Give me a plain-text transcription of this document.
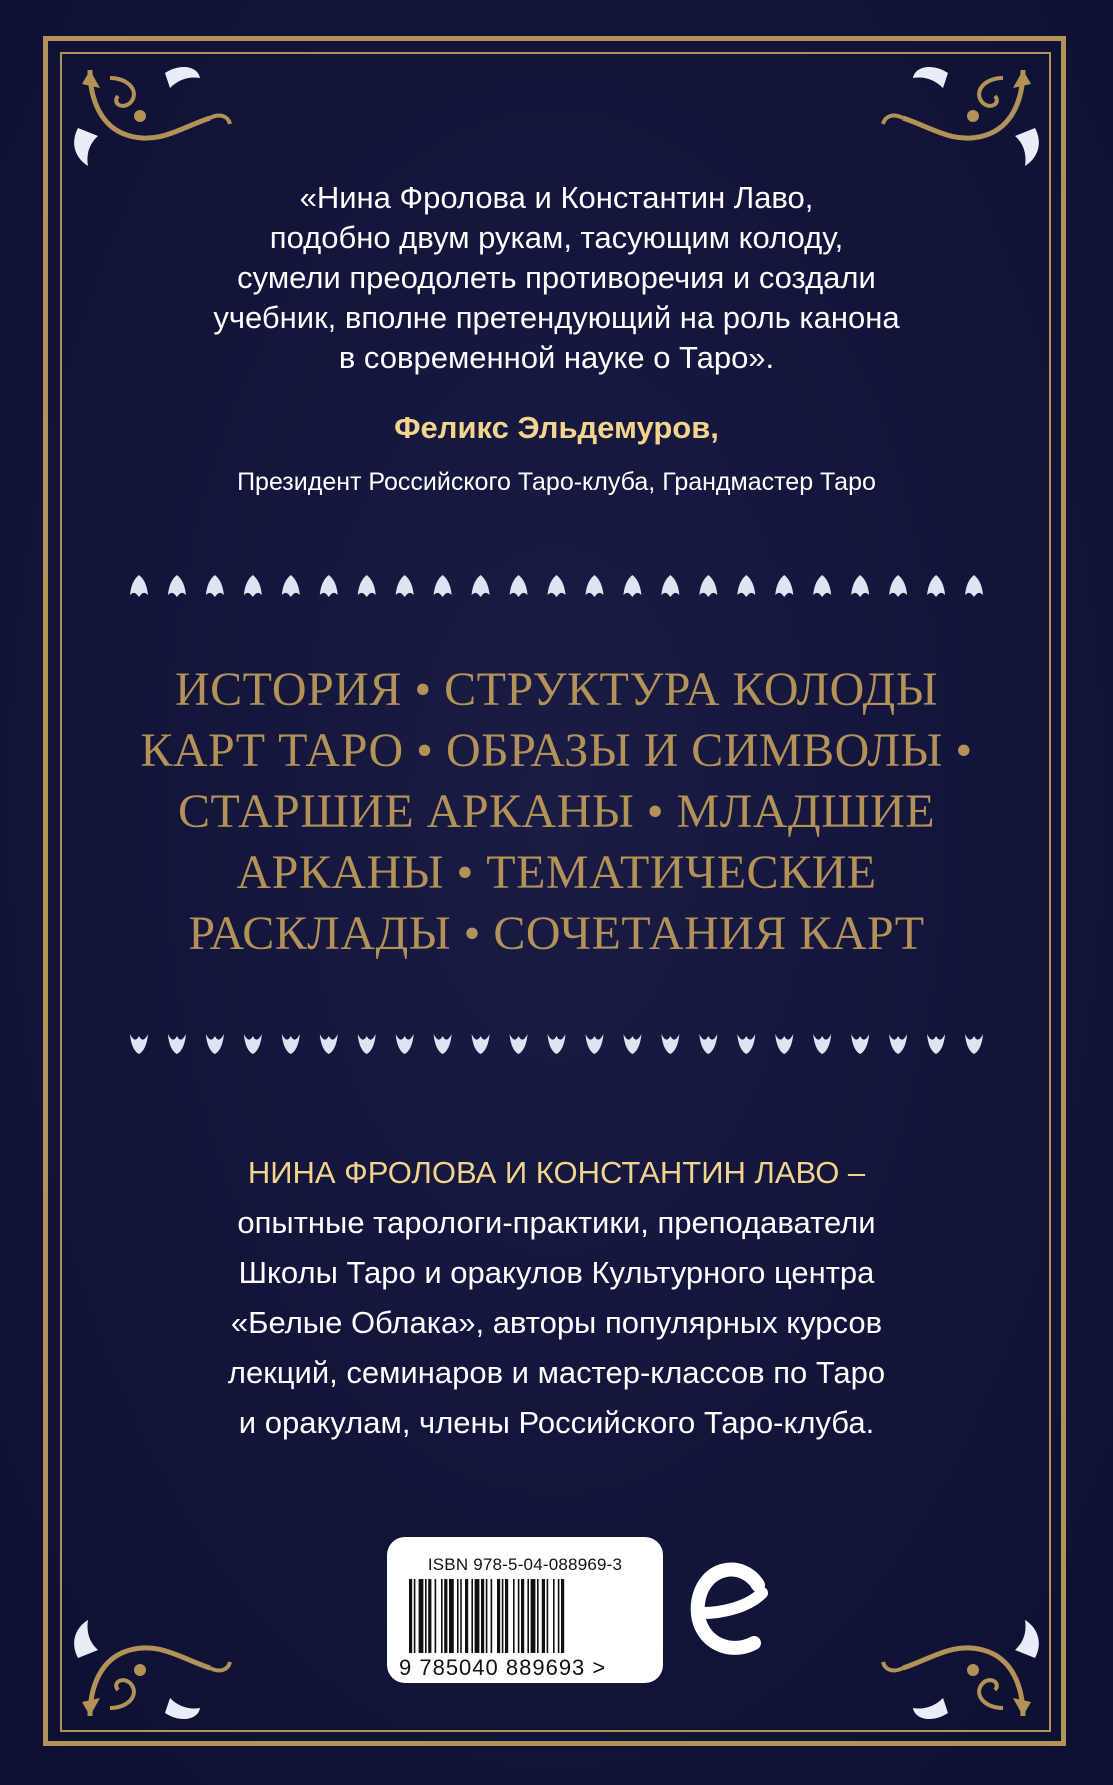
«Нина Фролова и Константин Лаво,
подобно двум рукам, тасующим колоду,
сумели преодолеть противоречия и создали
учебник, вполне претендующий на роль канона
в современной науке о Таро».
Феликс Эльдемуров,
Президент Российского Таро-клуба, Грандмастер Таро
ИСТОРИЯ • СТРУКТУРА КОЛОДЫ
КАРТ ТАРО • ОБРАЗЫ И СИМВОЛЫ •
СТАРШИЕ АРКАНЫ • МЛАДШИЕ
АРКАНЫ • ТЕМАТИЧЕСКИЕ
РАСКЛАДЫ • СОЧЕТАНИЯ КАРТ
НИНА ФРОЛОВА И КОНСТАНТИН ЛАВО –
опытные тарологи-практики, преподаватели
Школы Таро и оракулов Культурного центра
«Белые Облака», авторы популярных курсов
лекций, семинаров и мастер-классов по Таро
и оракулам, члены Российского Таро-клуба.
ISBN 978-5-04-088969-3
9 785040 889693 >
